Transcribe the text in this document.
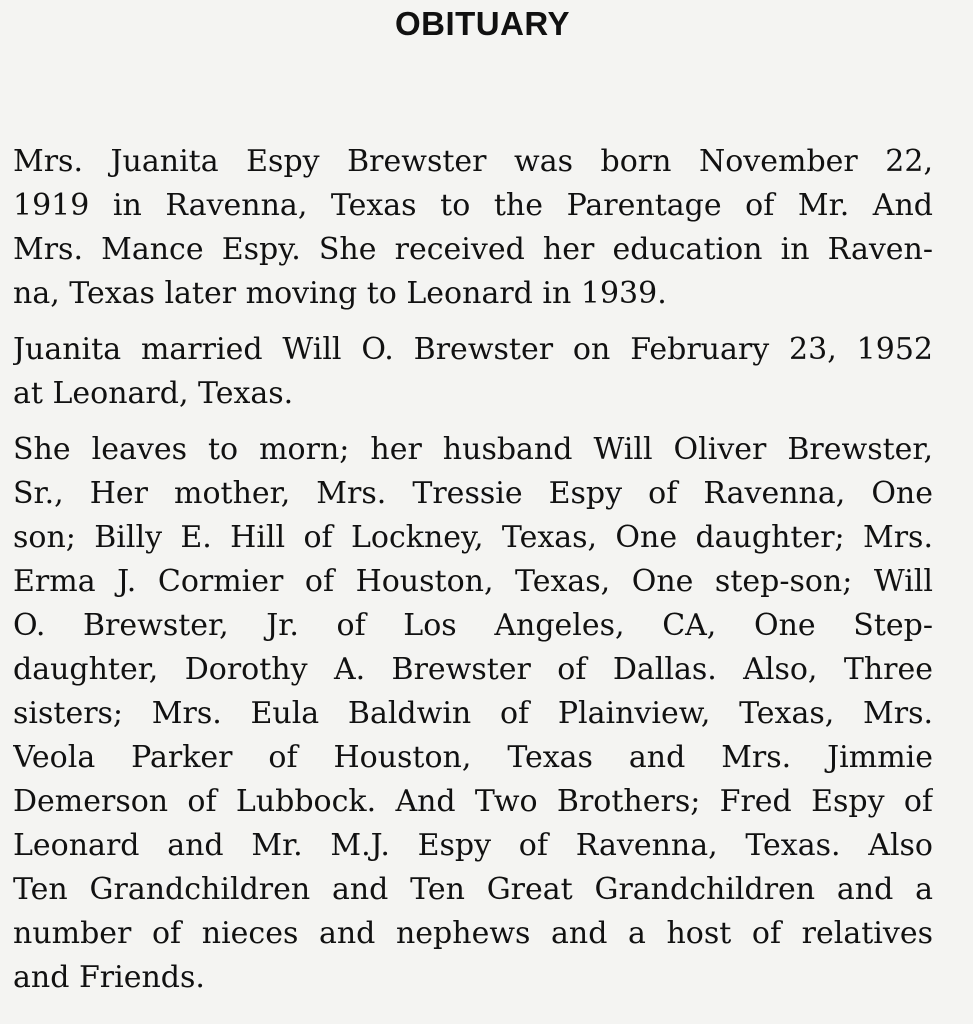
OBITUARY

Mrs. Juanita Espy Brewster was born November 22,
1919 in Ravenna, Texas to the Parentage of Mr. And
Mrs. Mance Espy. She received her education in Raven-
na, Texas later moving to Leonard in 1939.

Juanita married Will O. Brewster on February 23, 1952
at Leonard, Texas.

She leaves to morn; her husband Will Oliver Brewster,
Sr., Her mother, Mrs. Tressie Espy of Ravenna, One
son; Billy E. Hill of Lockney, Texas, One daughter; Mrs.
Erma J. Cormier of Houston, Texas, One step-son; Will
O. Brewster, Jr. of Los Angeles, CA, One Step-
daughter, Dorothy A. Brewster of Dallas. Also, Three
sisters; Mrs. Eula Baldwin of Plainview, Texas, Mrs.
Veola Parker of Houston, Texas and Mrs. Jimmie
Demerson of Lubbock. And Two Brothers; Fred Espy of
Leonard and Mr. M.J. Espy of Ravenna, Texas. Also
Ten Grandchildren and Ten Great Grandchildren and a
number of nieces and nephews and a host of relatives
and Friends.
